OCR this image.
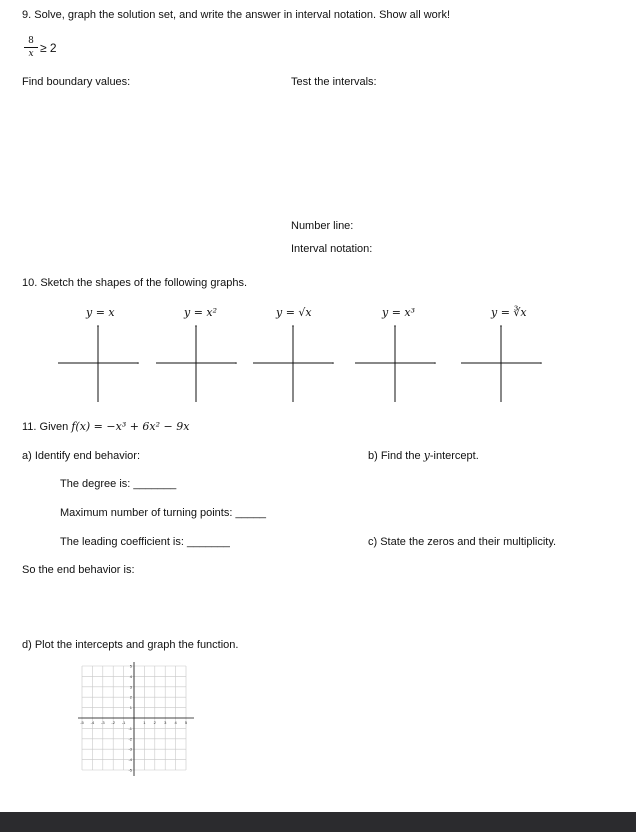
9. Solve, graph the solution set, and write the answer in interval notation. Show all work!
8
x ≥ 2
Find boundary values:	Test the intervals:
Number line:
Interval notation:
10. Sketch the shapes of the following graphs.
y = x	y = x²	y = √x	y = x³	y = ∛x
11. Given f(x) = −x³ + 6x² − 9x
a) Identify end behavior:	b) Find the y-intercept.
The degree is: _______
Maximum number of turning points: _____
The leading coefficient is: _______	c) State the zeros and their multiplicity.
So the end behavior is:
d) Plot the intercepts and graph the function.
-5 -4 -3 -2 -1	1 2 3 4 5
5
4
3
2
1
-1
-2
-3
-4
-5
